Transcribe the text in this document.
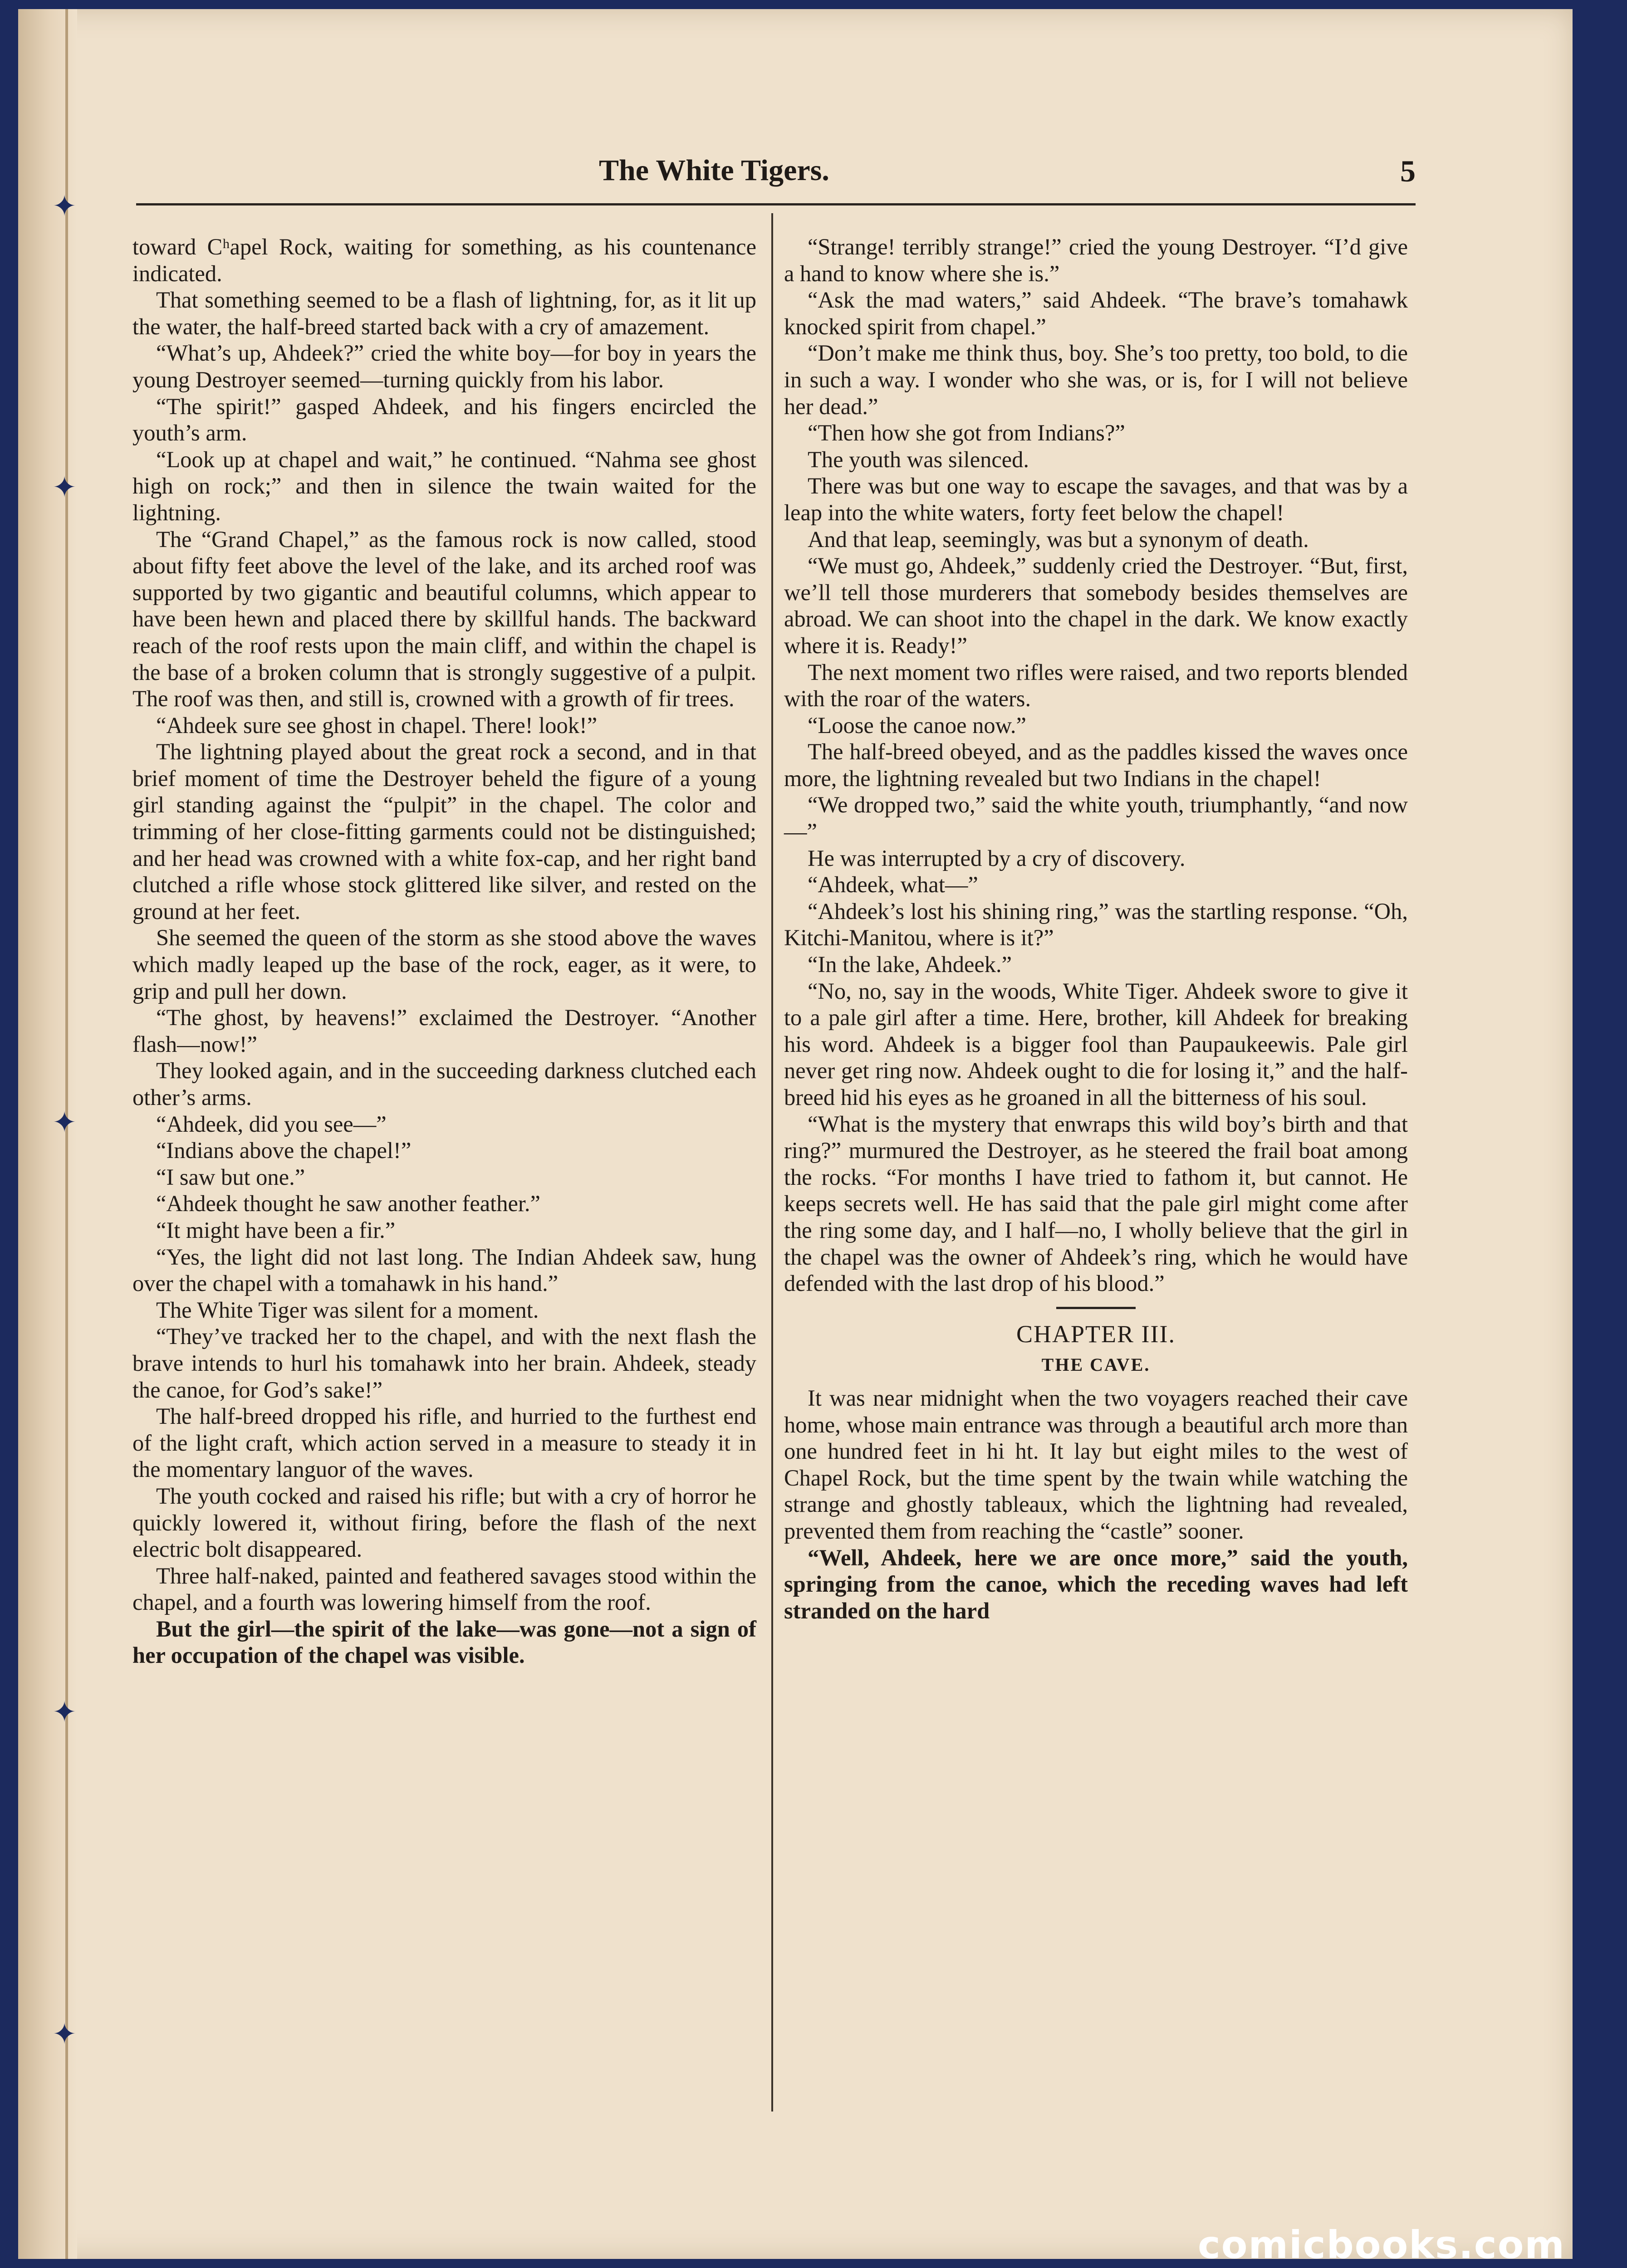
✦
✦
✦
✦
✦
The White Tigers.	5

toward Cʰapel Rock, waiting for something, as his countenance indicated.

That something seemed to be a flash of lightning, for, as it lit up the water, the half-breed started back with a cry of amazement.

“What’s up, Ahdeek?” cried the white boy—for boy in years the young Destroyer seemed—turning quickly from his labor.

“The spirit!” gasped Ahdeek, and his fingers encircled the youth’s arm.

“Look up at chapel and wait,” he continued. “Nahma see ghost high on rock;” and then in silence the twain waited for the lightning.

The “Grand Chapel,” as the famous rock is now called, stood about fifty feet above the level of the lake, and its arched roof was supported by two gigantic and beautiful columns, which appear to have been hewn and placed there by skillful hands. The backward reach of the roof rests upon the main cliff, and within the chapel is the base of a broken column that is strongly suggestive of a pulpit. The roof was then, and still is, crowned with a growth of fir trees.

“Ahdeek sure see ghost in chapel. There! look!”

The lightning played about the great rock a second, and in that brief moment of time the Destroyer beheld the figure of a young girl standing against the “pulpit” in the chapel. The color and trimming of her close-fitting garments could not be distinguished; and her head was crowned with a white fox-cap, and her right band clutched a rifle whose stock glittered like silver, and rested on the ground at her feet.

She seemed the queen of the storm as she stood above the waves which madly leaped up the base of the rock, eager, as it were, to grip and pull her down.

“The ghost, by heavens!” exclaimed the Destroyer. “Another flash—now!”

They looked again, and in the succeeding darkness clutched each other’s arms.

“Ahdeek, did you see—”

“Indians above the chapel!”

“I saw but one.”

“Ahdeek thought he saw another feather.”

“It might have been a fir.”

“Yes, the light did not last long. The Indian Ahdeek saw, hung over the chapel with a tomahawk in his hand.”

The White Tiger was silent for a moment.

“They’ve tracked her to the chapel, and with the next flash the brave intends to hurl his tomahawk into her brain. Ahdeek, steady the canoe, for God’s sake!”

The half-breed dropped his rifle, and hurried to the furthest end of the light craft, which action served in a measure to steady it in the momentary languor of the waves.

The youth cocked and raised his rifle; but with a cry of horror he quickly lowered it, without firing, before the flash of the next electric bolt disappeared.

Three half-naked, painted and feathered savages stood within the chapel, and a fourth was lowering himself from the roof.

But the girl—the spirit of the lake—was gone—not a sign of her occupation of the chapel was visible.

“Strange! terribly strange!” cried the young Destroyer. “I’d give a hand to know where she is.”

“Ask the mad waters,” said Ahdeek. “The brave’s tomahawk knocked spirit from chapel.”

“Don’t make me think thus, boy. She’s too pretty, too bold, to die in such a way. I wonder who she was, or is, for I will not believe her dead.”

“Then how she got from Indians?”

The youth was silenced.

There was but one way to escape the savages, and that was by a leap into the white waters, forty feet below the chapel!

And that leap, seemingly, was but a synonym of death.

“We must go, Ahdeek,” suddenly cried the Destroyer. “But, first, we’ll tell those murderers that somebody besides themselves are abroad. We can shoot into the chapel in the dark. We know exactly where it is. Ready!”

The next moment two rifles were raised, and two reports blended with the roar of the waters.

“Loose the canoe now.”

The half-breed obeyed, and as the paddles kissed the waves once more, the lightning revealed but two Indians in the chapel!

“We dropped two,” said the white youth, triumphantly, “and now—”

He was interrupted by a cry of discovery.

“Ahdeek, what—”

“Ahdeek’s lost his shining ring,” was the startling response. “Oh, Kitchi-Manitou, where is it?”

“In the lake, Ahdeek.”

“No, no, say in the woods, White Tiger. Ahdeek swore to give it to a pale girl after a time. Here, brother, kill Ahdeek for breaking his word. Ahdeek is a bigger fool than Paupaukeewis. Pale girl never get ring now. Ahdeek ought to die for losing it,” and the half-breed hid his eyes as he groaned in all the bitterness of his soul.

“What is the mystery that enwraps this wild boy’s birth and that ring?” murmured the Destroyer, as he steered the frail boat among the rocks. “For months I have tried to fathom it, but cannot. He keeps secrets well. He has said that the pale girl might come after the ring some day, and I half—no, I wholly believe that the girl in the chapel was the owner of Ahdeek’s ring, which he would have defended with the last drop of his blood.”

CHAPTER III.
THE CAVE.

It was near midnight when the two voyagers reached their cave home, whose main entrance was through a beautiful arch more than one hundred feet in hi ht. It lay but eight miles to the west of Chapel Rock, but the time spent by the twain while watching the strange and ghostly tableaux, which the lightning had revealed, prevented them from reaching the “castle” sooner.

“Well, Ahdeek, here we are once more,” said the youth, springing from the canoe, which the receding waves had left stranded on the hard

comicbooks.com
